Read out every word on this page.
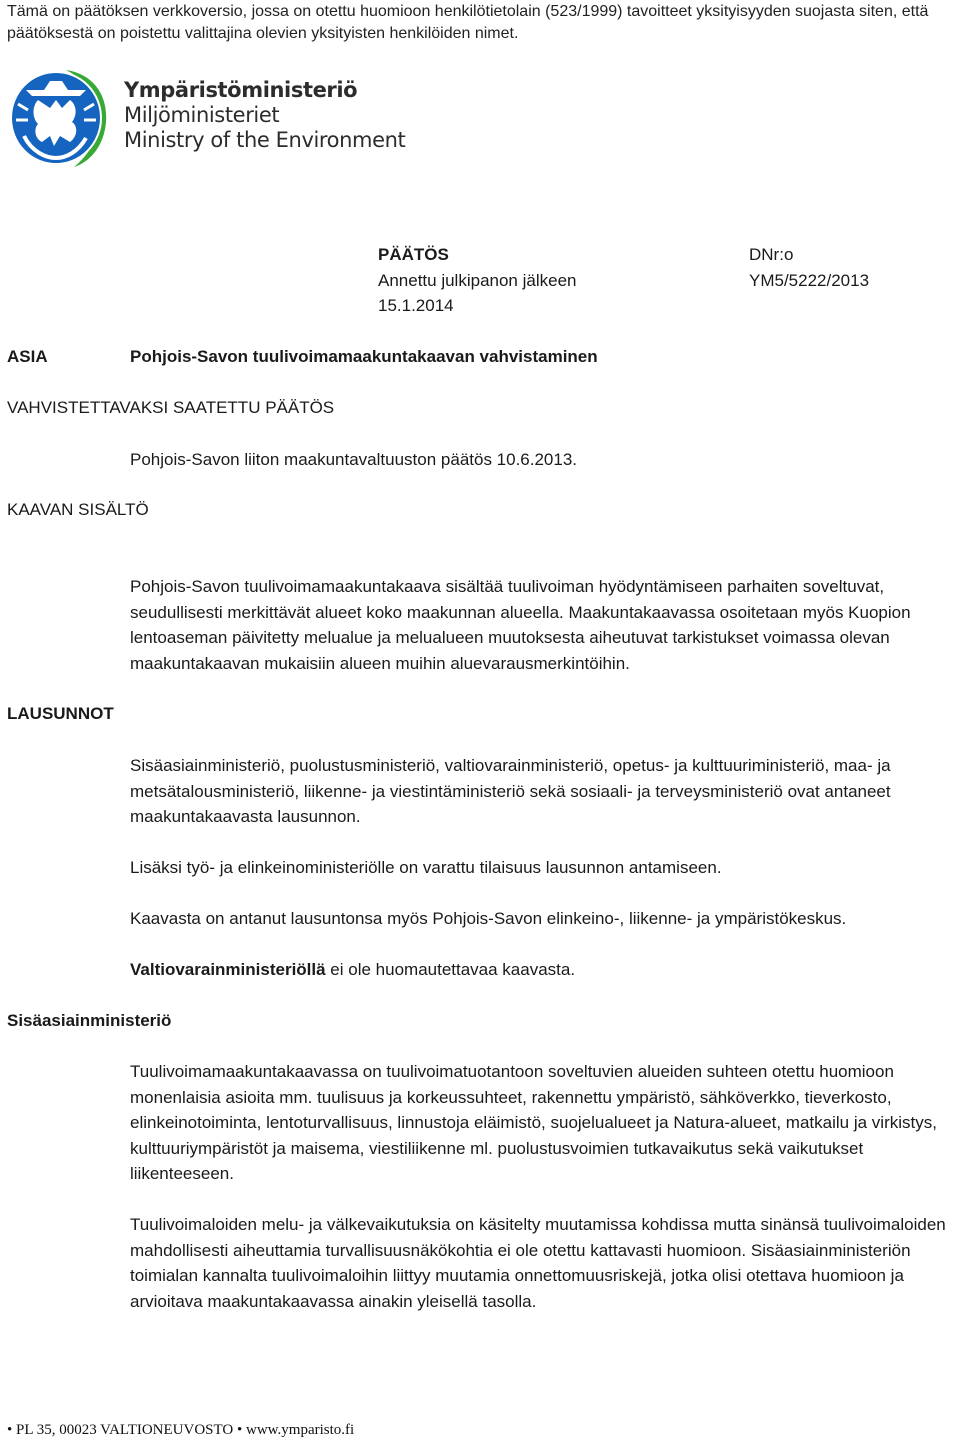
Tämä on päätöksen verkkoversio, jossa on otettu huomioon henkilötietolain (523/1999) tavoitteet yksityisyyden suojasta siten, että päätöksestä on poistettu valittajina olevien yksityisten henkilöiden nimet.
Ympäristöministeriö
Miljöministeriet
Ministry of the Environment
PÄÄTÖS
Annettu julkipanon jälkeen
15.1.2014
DNr:o
YM5/5222/2013
ASIA	Pohjois-Savon tuulivoimamaakuntakaavan vahvistaminen
VAHVISTETTAVAKSI SAATETTU PÄÄTÖS
Pohjois-Savon liiton maakuntavaltuuston päätös 10.6.2013.
KAAVAN SISÄLTÖ
Pohjois-Savon tuulivoimamaakuntakaava sisältää tuulivoiman hyödyntämiseen parhaiten soveltuvat, seudullisesti merkittävät alueet koko maakunnan alueella. Maakuntakaavassa osoitetaan myös Kuopion lentoaseman päivitetty melualue ja melualueen muutoksesta aiheutuvat tarkistukset voimassa olevan maakuntakaavan mukaisiin alueen muihin aluevarausmerkintöihin.
LAUSUNNOT
Sisäasiainministeriö, puolustusministeriö, valtiovarainministeriö, opetus- ja kulttuuriministeriö, maa- ja metsätalousministeriö, liikenne- ja viestintäministeriö sekä sosiaali- ja terveysministeriö ovat antaneet maakuntakaavasta lausunnon.
Lisäksi työ- ja elinkeinoministeriölle on varattu tilaisuus lausunnon antamiseen.
Kaavasta on antanut lausuntonsa myös Pohjois-Savon elinkeino-, liikenne- ja ympäristökeskus.
Valtiovarainministeriöllä ei ole huomautettavaa kaavasta.
Sisäasiainministeriö
Tuulivoimamaakuntakaavassa on tuulivoimatuotantoon soveltuvien alueiden suhteen otettu huomioon monenlaisia asioita mm. tuulisuus ja korkeussuhteet, rakennettu ympäristö, sähköverkko, tieverkosto, elinkeinotoiminta, lentoturvallisuus, linnustoja eläimistö, suojelualueet ja Natura-alueet, matkailu ja virkistys, kulttuuriympäristöt ja maisema, viestiliikenne ml. puolustusvoimien tutkavaikutus sekä vaikutukset liikenteeseen.
Tuulivoimaloiden melu- ja välkevaikutuksia on käsitelty muutamissa kohdissa mutta sinänsä tuulivoimaloiden mahdollisesti aiheuttamia turvallisuusnäkökohtia ei ole otettu kattavasti huomioon. Sisäasiainministeriön toimialan kannalta tuulivoimaloihin liittyy muutamia onnettomuusriskejä, jotka olisi otettava huomioon ja arvioitava maakuntakaavassa ainakin yleisellä tasolla.
• PL 35, 00023 VALTIONEUVOSTO • www.ymparisto.fi
